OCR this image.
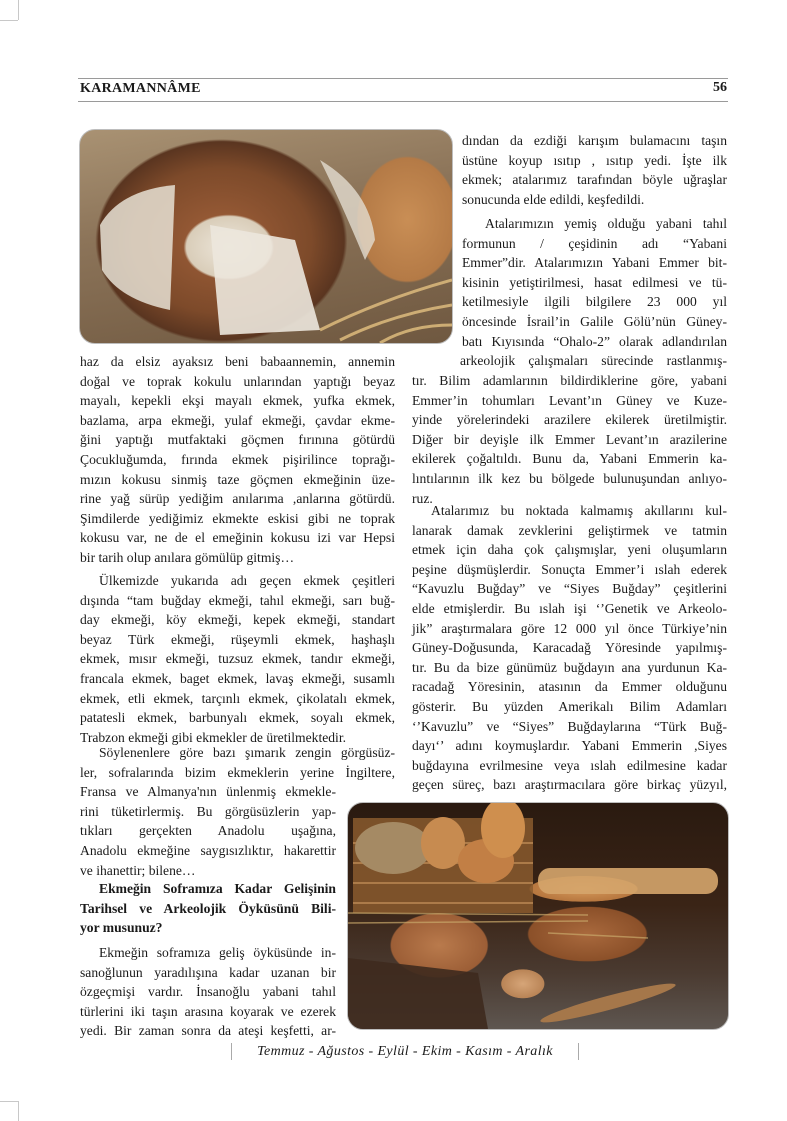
KARAMANNÂME	56
haz da elsiz ayaksız beni babaannemin, annemin
doğal ve toprak kokulu unlarından yaptığı beyaz
mayalı, kepekli ekşi mayalı ekmek, yufka ekmek,
bazlama, arpa ekmeği, yulaf ekmeği, çavdar ekme-
ğini yaptığı mutfaktaki göçmen fırınına götürdü
Çocukluğumda, fırında ekmek pişirilince toprağı-
mızın kokusu sinmiş taze göçmen ekmeğinin üze-
rine yağ sürüp yediğim anılarıma ,anlarına götürdü.
Şimdilerde yediğimiz ekmekte eskisi gibi ne toprak
kokusu var, ne de el emeğinin kokusu izi var Hepsi
bir tarih olup anılara gömülüp gitmiş…
Ülkemizde yukarıda adı geçen ekmek çeşitleri
dışında “tam buğday ekmeği, tahıl ekmeği, sarı buğ-
day ekmeği, köy ekmeği, kepek ekmeği, standart
beyaz Türk ekmeği, rüşeymli ekmek, haşhaşlı
ekmek, mısır ekmeği, tuzsuz ekmek, tandır ekmeği,
francala ekmek, baget ekmek, lavaş ekmeği, susamlı
ekmek, etli ekmek, tarçınlı ekmek, çikolatalı ekmek,
patatesli ekmek, barbunyalı ekmek, soyalı ekmek,
Trabzon ekmeği gibi ekmekler de üretilmektedir.
Söylenenlere göre bazı şımarık zengin görgüsüz-
ler, sofralarında bizim ekmeklerin yerine İngiltere,
Fransa ve Almanya'nın ünlenmiş ekmekle-
rini tüketirlermiş. Bu görgüsüzlerin yap-
tıkları gerçekten Anadolu uşağına,
Anadolu ekmeğine saygısızlıktır, hakarettir
ve ihanettir; bilene…
Ekmeğin Soframıza Kadar Gelişinin
Tarihsel ve Arkeolojik Öyküsünü Bili-
yor musunuz?
Ekmeğin soframıza geliş öyküsünde in-
sanoğlunun yaradılışına kadar uzanan bir
özgeçmişi vardır. İnsanoğlu yabani tahıl
türlerini iki taşın arasına koyarak ve ezerek
yedi. Bir zaman sonra da ateşi keşfetti, ar-
dından da ezdiği karışım bulamacını taşın
üstüne koyup ısıtıp , ısıtıp yedi. İşte ilk
ekmek; atalarımız tarafından böyle uğraşlar
sonucunda elde edildi, keşfedildi.
Atalarımızın yemiş olduğu yabani tahıl
formunun / çeşidinin adı “Yabani
Emmer”dir. Atalarımızın Yabani Emmer bit-
kisinin yetiştirilmesi, hasat edilmesi ve tü-
ketilmesiyle ilgili bilgilere 23 000 yıl
öncesinde İsrail’in Galile Gölü’nün Güney-
batı Kıyısında “Ohalo-2” olarak adlandırılan
arkeolojik çalışmaları sürecinde rastlanmış-
tır. Bilim adamlarının bildirdiklerine göre, yabani
Emmer’in tohumları Levant’ın Güney ve Kuze-
yinde yörelerindeki arazilere ekilerek üretilmiştir.
Diğer bir deyişle ilk Emmer Levant’ın arazilerine
ekilerek çoğaltıldı. Bunu da, Yabani Emmerin ka-
lıntılarının ilk kez bu bölgede bulunuşundan anlıyo-
ruz.
Atalarımız bu noktada kalmamış akıllarını kul-
lanarak damak zevklerini geliştirmek ve tatmin
etmek için daha çok çalışmışlar, yeni oluşumların
peşine düşmüşlerdir. Sonuçta Emmer’i ıslah ederek
“Kavuzlu Buğday” ve “Siyes Buğday” çeşitlerini
elde etmişlerdir. Bu ıslah işi ‘’Genetik ve Arkeolo-
jik” araştırmalara göre 12 000 yıl önce Türkiye’nin
Güney-Doğusunda, Karacadağ Yöresinde yapılmış-
tır. Bu da bize günümüz buğdayın ana yurdunun Ka-
racadağ Yöresinin, atasının da Emmer olduğunu
gösterir. Bu yüzden Amerikalı Bilim Adamları
‘’Kavuzlu” ve “Siyes” Buğdaylarına “Türk Buğ-
dayı‘’ adını koymuşlardır. Yabani Emmerin ,Siyes
buğdayına evrilmesine veya ıslah edilmesine kadar
geçen süreç, bazı araştırmacılara göre birkaç yüzyıl,
Temmuz - Ağustos - Eylül - Ekim - Kasım - Aralık
